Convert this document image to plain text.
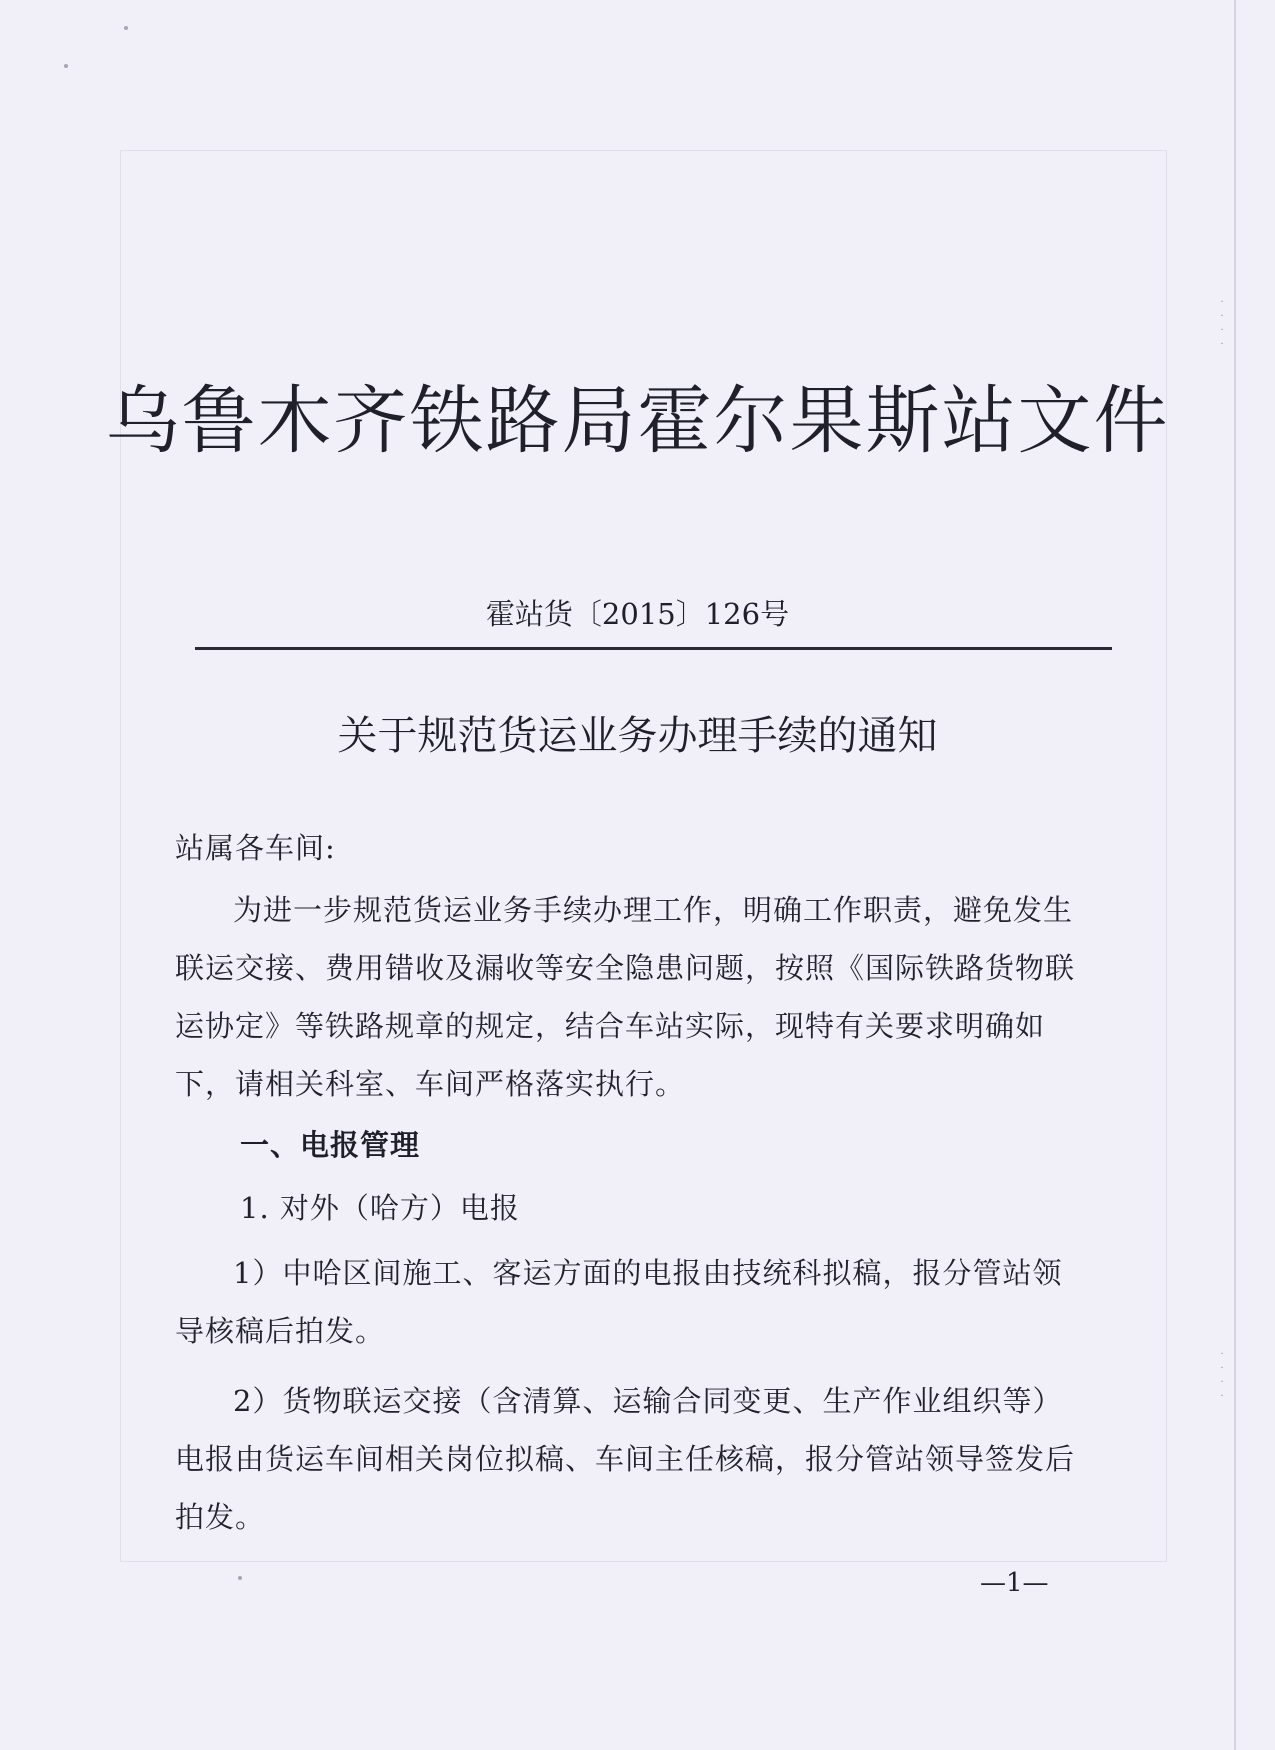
·
·
·
·
·
·
·
·
乌鲁木齐铁路局霍尔果斯站文件
霍站货〔2015〕126号
关于规范货运业务办理手续的通知
站属各车间:

为进一步规范货运业务手续办理工作，明确工作职责，避免发生联运交接、费用错收及漏收等安全隐患问题，按照《国际铁路货物联运协定》等铁路规章的规定，结合车站实际，现特有关要求明确如下，请相关科室、车间严格落实执行。

一、电报管理
1. 对外（哈方）电报

1）中哈区间施工、客运方面的电报由技统科拟稿，报分管站领导核稿后拍发。

2）货物联运交接（含清算、运输合同变更、生产作业组织等）电报由货运车间相关岗位拟稿、车间主任核稿，报分管站领导签发后拍发。

—1—
